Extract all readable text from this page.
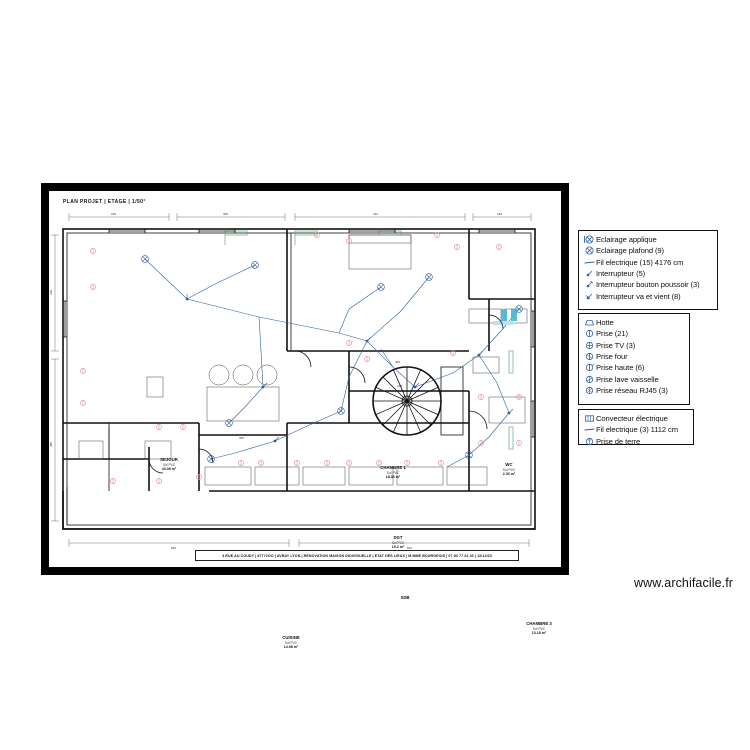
PLAN PROJET | ETAGE | 1/50°
225	300	410	160
330
380
545	610
350
365
245
SEJOUR
Sol PVC
43.08 m²	CHAMBRE 1
Sol PVC
18.36 m²
WC
Sol PVC
2.30 m²
DGT
Sol PVC
15.2 m²
CUISINE
Sol PVC
14.98 m²
CHAMBRE 3
Sol PVC
13.18 m²
SDB
3 RUE AU COUDY | 87772OO | AVRAY LYON | RENOVATION MAISON INDIVIDUELLE | ETAT DES LIEUX | M.MME BOURGEOIS | 07 83 77 22 43 | 12/12/23
Eclairage applique
Eclairage plafond (9)
Fil electrique (15) 4176 cm
Interrupteur (5)
Interrupteur bouton poussoir (3)
Interrupteur va et vient (8)
Hotte
Prise (21)
Prise TV (3)
Prise four
Prise haute (6)
Prise lave vaisselle
Prise réseau RJ45 (3)
Convecteur électrique
Fil electrique (3) 1112 cm
Prise de terre
www.archifacile.fr
